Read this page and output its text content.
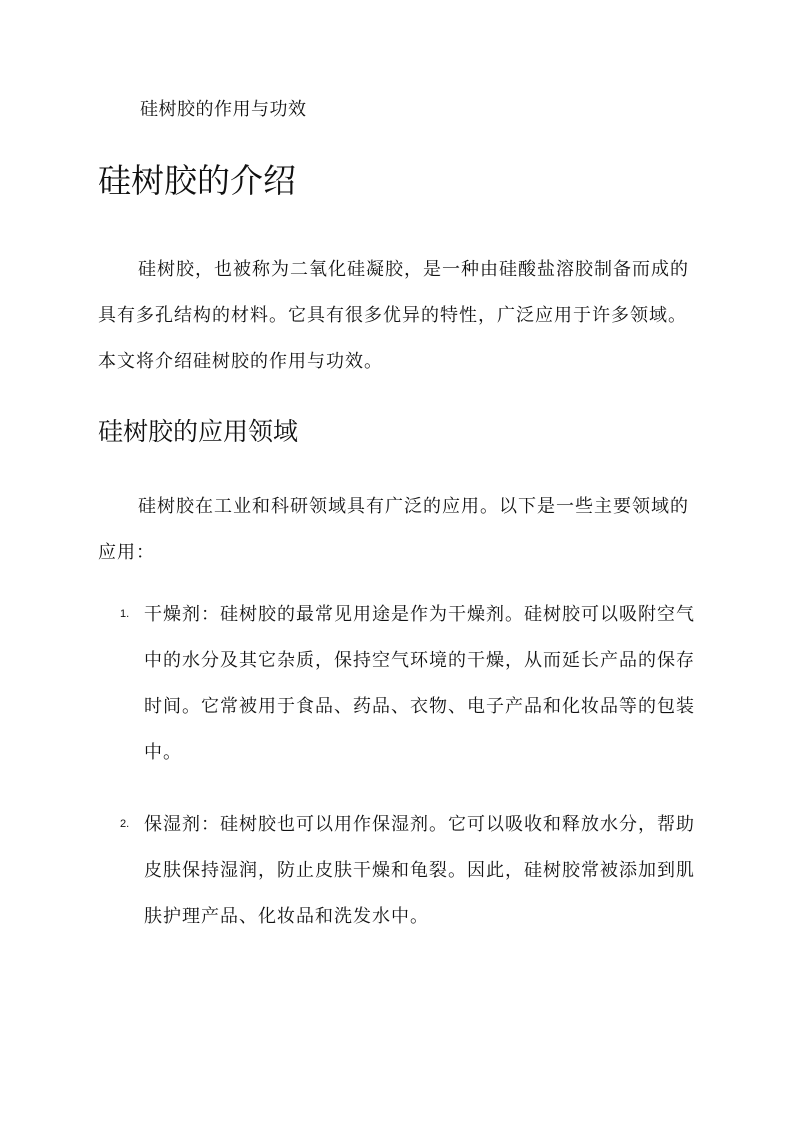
硅树胶的作用与功效
硅树胶的介绍

硅树胶，也被称为二氧化硅凝胶，是一种由硅酸盐溶胶制备而成的具有多孔结构的材料。它具有很多优异的特性，广泛应用于许多领域。本文将介绍硅树胶的作用与功效。

硅树胶的应用领域

硅树胶在工业和科研领域具有广泛的应用。以下是一些主要领域的应用：

1. 干燥剂：硅树胶的最常见用途是作为干燥剂。硅树胶可以吸附空气中的水分及其它杂质，保持空气环境的干燥，从而延长产品的保存时间。它常被用于食品、药品、衣物、电子产品和化妆品等的包装中。

2. 保湿剂：硅树胶也可以用作保湿剂。它可以吸收和释放水分，帮助皮肤保持湿润，防止皮肤干燥和龟裂。因此，硅树胶常被添加到肌肤护理产品、化妆品和洗发水中。
